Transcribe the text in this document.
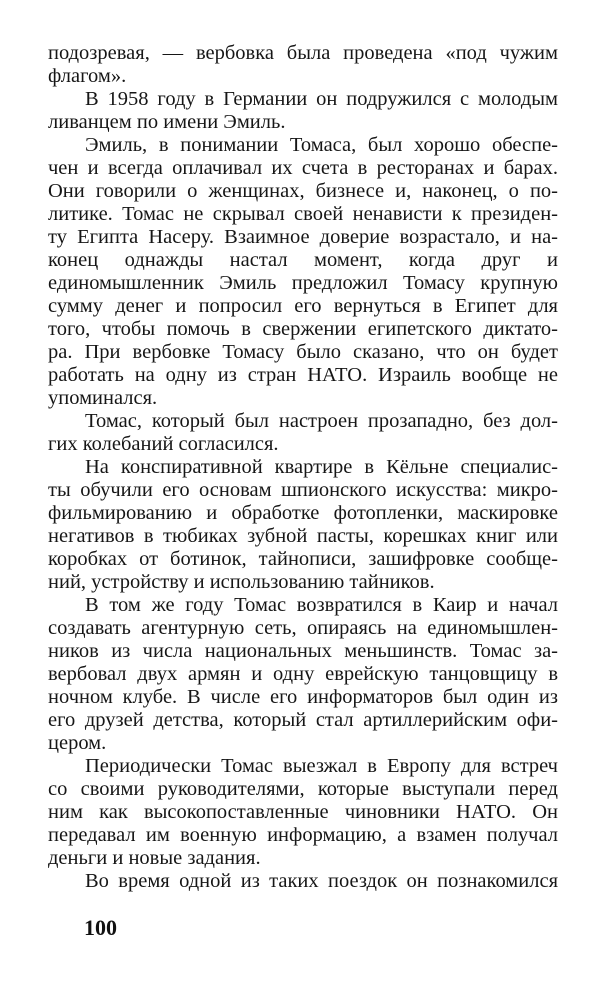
подозревая, — вербовка была проведена «под чужим
флагом».
В 1958 году в Германии он подружился с молодым
ливанцем по имени Эмиль.
Эмиль, в понимании Томаса, был хорошо обеспе-
чен и всегда оплачивал их счета в ресторанах и барах.
Они говорили о женщинах, бизнесе и, наконец, о по-
литике. Томас не скрывал своей ненависти к президен-
ту Египта Насеру. Взаимное доверие возрастало, и на-
конец однажды настал момент, когда друг и
единомышленник Эмиль предложил Томасу крупную
сумму денег и попросил его вернуться в Египет для
того, чтобы помочь в свержении египетского диктато-
ра. При вербовке Томасу было сказано, что он будет
работать на одну из стран НАТО. Израиль вообще не
упоминался.
Томас, который был настроен прозападно, без дол-
гих колебаний согласился.
На конспиративной квартире в Кёльне специалис-
ты обучили его основам шпионского искусства: микро-
фильмированию и обработке фотопленки, маскировке
негативов в тюбиках зубной пасты, корешках книг или
коробках от ботинок, тайнописи, зашифровке сообще-
ний, устройству и использованию тайников.
В том же году Томас возвратился в Каир и начал
создавать агентурную сеть, опираясь на единомышлен-
ников из числа национальных меньшинств. Томас за-
вербовал двух армян и одну еврейскую танцовщицу в
ночном клубе. В числе его информаторов был один из
его друзей детства, который стал артиллерийским офи-
цером.
Периодически Томас выезжал в Европу для встреч
со своими руководителями, которые выступали перед
ним как высокопоставленные чиновники НАТО. Он
передавал им военную информацию, а взамен получал
деньги и новые задания.
Во время одной из таких поездок он познакомился
100
